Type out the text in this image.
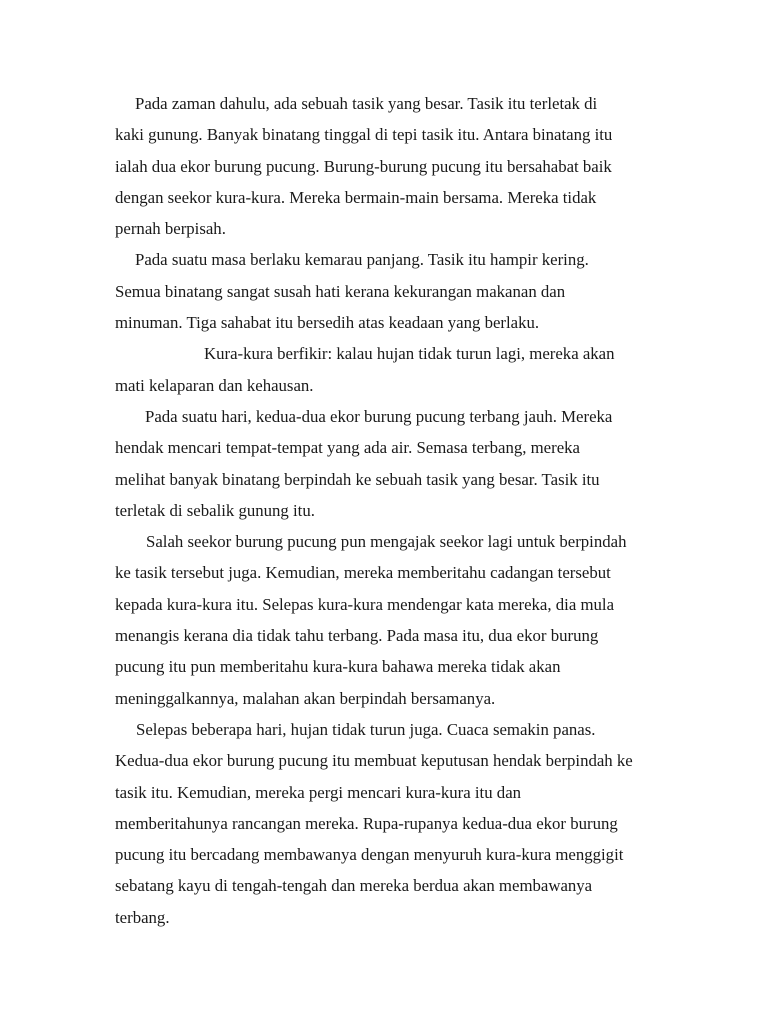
Pada zaman dahulu, ada sebuah tasik yang besar. Tasik itu terletak di
kaki gunung. Banyak binatang tinggal di tepi tasik itu. Antara binatang itu
ialah dua ekor burung pucung. Burung-burung pucung itu bersahabat baik
dengan seekor kura-kura. Mereka bermain-main bersama. Mereka tidak
pernah berpisah.
Pada suatu masa berlaku kemarau panjang. Tasik itu hampir kering.
Semua binatang sangat susah hati kerana kekurangan makanan dan
minuman. Tiga sahabat itu bersedih atas keadaan yang berlaku.
Kura-kura berfikir: kalau hujan tidak turun lagi, mereka akan
mati kelaparan dan kehausan.
Pada suatu hari, kedua-dua ekor burung pucung terbang jauh. Mereka
hendak mencari tempat-tempat yang ada air. Semasa terbang, mereka
melihat banyak binatang berpindah ke sebuah tasik yang besar. Tasik itu
terletak di sebalik gunung itu.
Salah seekor burung pucung pun mengajak seekor lagi untuk berpindah
ke tasik tersebut juga. Kemudian, mereka memberitahu cadangan tersebut
kepada kura-kura itu. Selepas kura-kura mendengar kata mereka, dia mula
menangis kerana dia tidak tahu terbang. Pada masa itu, dua ekor burung
pucung itu pun memberitahu kura-kura bahawa mereka tidak akan
meninggalkannya, malahan akan berpindah bersamanya.
Selepas beberapa hari, hujan tidak turun juga. Cuaca semakin panas.
Kedua-dua ekor burung pucung itu membuat keputusan hendak berpindah ke
tasik itu. Kemudian, mereka pergi mencari kura-kura itu dan
memberitahunya rancangan mereka. Rupa-rupanya kedua-dua ekor burung
pucung itu bercadang membawanya dengan menyuruh kura-kura menggigit
sebatang kayu di tengah-tengah dan mereka berdua akan membawanya
terbang.
